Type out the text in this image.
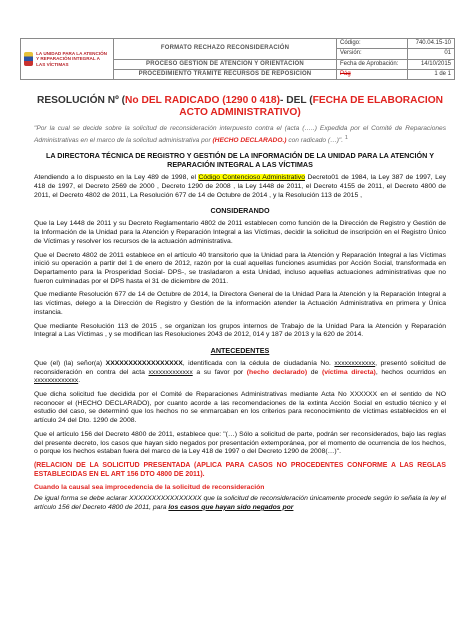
LA UNIDAD PARA LA ATENCIÓN
Y REPARACIÓN INTEGRAL A LAS VÍCTIMAS	FORMATO RECHAZO RECONSIDERACIÓN	Código:	740.04.15-10
		Versión:	01
	PROCESO GESTIÓN DE ATENCIÓN Y ORIENTACIÓN	Fecha de Aprobación:	14/10/2015
	PROCEDIMIENTO TRÁMITE RECURSOS DE REPOSICIÓN	Pág	1 de 1
RESOLUCIÓN Nº (No DEL RADICADO (1290 0 418)- DEL (FECHA DE ELABORACION ACTO ADMINISTRATIVO)

"Por la cual se decide sobre la solicitud de reconsideración interpuesto contra el (acta (…..) Expedida por el Comité de Reparaciones Administrativas en el marco de la solicitud administrativa por (HECHO DECLARADO.) con radicado (…)". $^1$

LA DIRECTORA TÉCNICA DE REGISTRO Y GESTIÓN DE LA INFORMACIÓN DE LA UNIDAD PARA LA ATENCIÓN Y REPARACIÓN INTEGRAL A LAS VÍCTIMAS

Atendiendo a lo dispuesto en la Ley 489 de 1998, el Código Contencioso Administrativo Decreto01 de 1984, la Ley 387 de 1997, Ley 418 de 1997, el Decreto 2569 de 2000 , Decreto 1290 de 2008 , la Ley 1448 de 2011, el Decreto 4155 de 2011, el Decreto 4800 de 2011, el Decreto 4802 de 2011, La Resolución 677 de 14 de Octubre de 2014 , y la Resolución 113 de 2015 ,

CONSIDERANDO

Que la Ley 1448 de 2011 y su Decreto Reglamentario 4802 de 2011 establecen como función de la Dirección de Registro y Gestión de la Información de la Unidad para la Atención y Reparación Integral a las Víctimas, decidir la solicitud de inscripción en el Registro Único de Víctimas y resolver los recursos de la actuación administrativa.

Que el Decreto 4802 de 2011 establece en el artículo 40 transitorio que la Unidad para la Atención y Reparación Integral a las Víctimas inició su operación a partir del 1 de enero de 2012, razón por la cual aquellas funciones asumidas por Acción Social, transformada en Departamento para la Prosperidad Social- DPS-, se trasladaron a esta Unidad, incluso aquellas actuaciones administrativas que no fueron culminadas por el DPS hasta el 31 de diciembre de 2011.

Que mediante Resolución 677 de 14 de Octubre de 2014, la Directora General de la Unidad Para la Atención y la Reparación Integral a las víctimas, delego a la Dirección de Registro y Gestión de la información atender la Actuación Administrativa en primera y Única instancia.

Que mediante Resolución 113 de 2015 , se organizan los grupos internos de Trabajo de la Unidad Para la Atención y Reparación Integral a Las Víctimas , y se modifican las Resoluciones 2043 de 2012, 014 y 187 de 2013 y la 620 de 2014.

ANTECEDENTES

Que (el) (la) señor(a) XXXXXXXXXXXXXXXXX, identificada con la cédula de ciudadanía No. xxxxxxxxxxxx, presentó solicitud de reconsideración en contra del acta xxxxxxxxxxxxx a su favor por (hecho declarado) de (víctima directa), hechos ocurridos en xxxxxxxxxxxxx.

Que dicha solicitud fue decidida por el Comité de Reparaciones Administrativas mediante Acta No XXXXXX en el sentido de NO reconocer el (HECHO DECLARADO), por cuanto acorde a las recomendaciones de la extinta Acción Social en estudio técnico y el estudio del caso, se determinó que los hechos no se enmarcaban en los criterios para reconocimiento de víctimas establecidos en el artículo 24 del Dto. 1290 de 2008.

Que el artículo 156 del Decreto 4800 de 2011, establece que: "(…) Sólo a solicitud de parte, podrán ser reconsiderados, bajo las reglas del presente decreto, los casos que hayan sido negados por presentación extemporánea, por el momento de ocurrencia de los hechos, o porque los hechos estaban fuera del marco de la Ley 418 de 1997 o del Decreto 1290 de 2008(…)".

(RELACION DE LA SOLICITUD PRESENTADA (APLICA PARA CASOS NO PROCEDENTES CONFORME A LAS REGLAS ESTABLECIDAS EN EL ART 156 DTO 4800 DE 2011).

Cuando la causal sea improcedencia de la solicitud de reconsideración

De igual forma se debe aclarar XXXXXXXXXXXXXXXX que la solicitud de reconsideración únicamente procede según lo señala la ley el artículo 156 del Decreto 4800 de 2011, para los casos que hayan sido negados por
